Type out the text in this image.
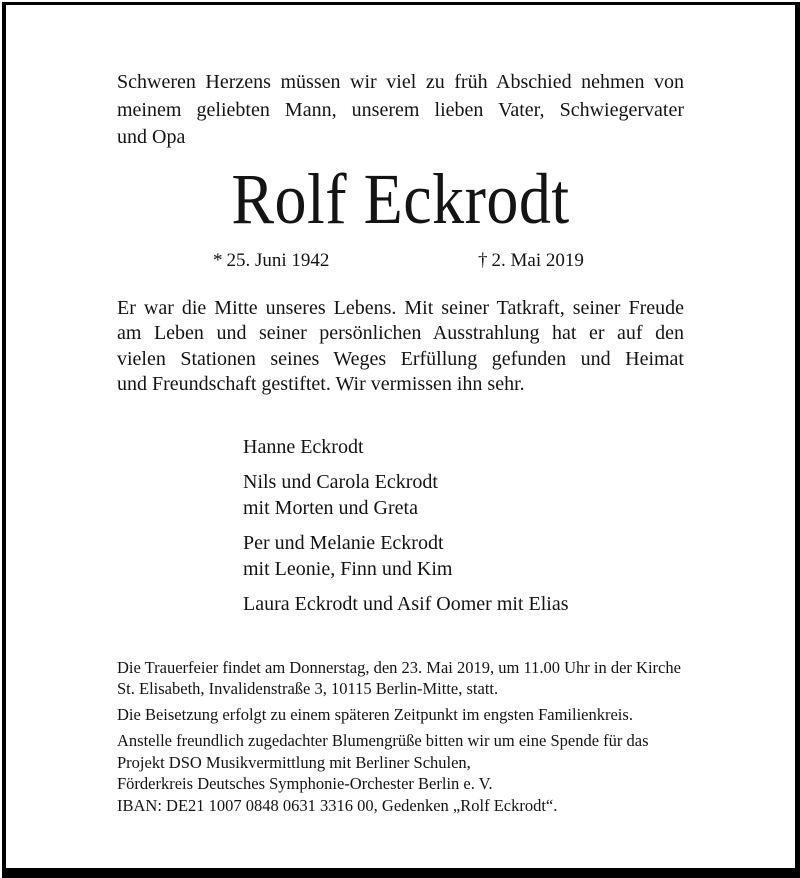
Schweren Herzens müssen wir viel zu früh Abschied nehmen von
meinem geliebten Mann, unserem lieben Vater, Schwiegervater
und Opa
Rolf Eckrodt
* 25. Juni 1942	† 2. Mai 2019
Er war die Mitte unseres Lebens. Mit seiner Tatkraft, seiner Freude
am Leben und seiner persönlichen Ausstrahlung hat er auf den
vielen Stationen seines Weges Erfüllung gefunden und Heimat
und Freundschaft gestiftet. Wir vermissen ihn sehr.
Hanne Eckrodt
Nils und Carola Eckrodt
mit Morten und Greta
Per und Melanie Eckrodt
mit Leonie, Finn und Kim
Laura Eckrodt und Asif Oomer mit Elias
Die Trauerfeier findet am Donnerstag, den 23. Mai 2019, um 11.00 Uhr in der Kirche
St. Elisabeth, Invalidenstraße 3, 10115 Berlin-Mitte, statt.
Die Beisetzung erfolgt zu einem späteren Zeitpunkt im engsten Familienkreis.
Anstelle freundlich zugedachter Blumengrüße bitten wir um eine Spende für das
Projekt DSO Musikvermittlung mit Berliner Schulen,
Förderkreis Deutsches Symphonie-Orchester Berlin e. V.
IBAN: DE21 1007 0848 0631 3316 00, Gedenken „Rolf Eckrodt“.
